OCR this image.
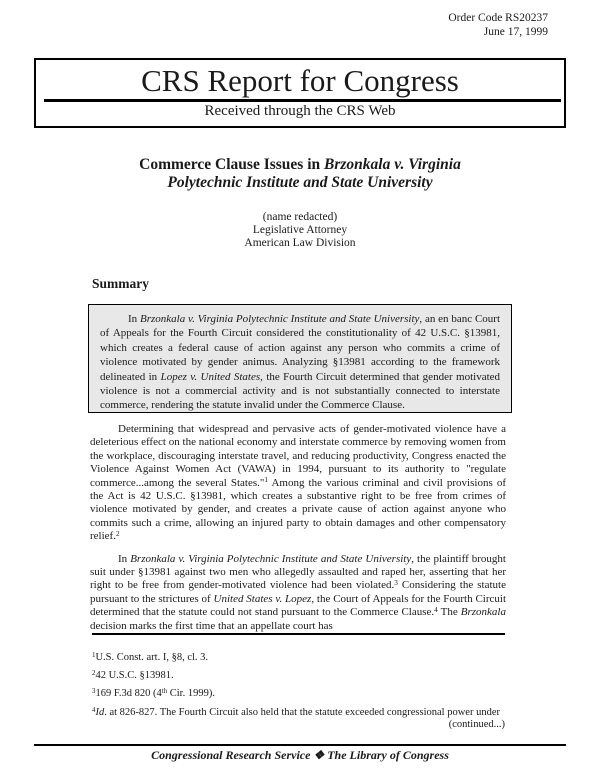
Order Code RS20237
June 17, 1999
CRS Report for Congress
Received through the CRS Web
Commerce Clause Issues in Brzonkala v. Virginia
Polytechnic Institute and State University
(name redacted)
Legislative Attorney
American Law Division
Summary

In Brzonkala v. Virginia Polytechnic Institute and State University, an en banc Court of Appeals for the Fourth Circuit considered the constitutionality of 42 U.S.C. §13981, which creates a federal cause of action against any person who commits a crime of violence motivated by gender animus. Analyzing §13981 according to the framework delineated in Lopez v. United States, the Fourth Circuit determined that gender motivated violence is not a commercial activity and is not substantially connected to interstate commerce, rendering the statute invalid under the Commerce Clause.

Determining that widespread and pervasive acts of gender-motivated violence have a deleterious effect on the national economy and interstate commerce by removing women from the workplace, discouraging interstate travel, and reducing productivity, Congress enacted the Violence Against Women Act (VAWA) in 1994, pursuant to its authority to "regulate commerce...among the several States."$^1$ Among the various criminal and civil provisions of the Act is 42 U.S.C. §13981, which creates a substantive right to be free from crimes of violence motivated by gender, and creates a private cause of action against anyone who commits such a crime, allowing an injured party to obtain damages and other compensatory relief.$^2$

In Brzonkala v. Virginia Polytechnic Institute and State University, the plaintiff brought suit under §13981 against two men who allegedly assaulted and raped her, asserting that her right to be free from gender-motivated violence had been violated.$^3$ Considering the statute pursuant to the strictures of United States v. Lopez, the Court of Appeals for the Fourth Circuit determined that the statute could not stand pursuant to the Commerce Clause.$^4$ The Brzonkala decision marks the first time that an appellate court has

$^1$U.S. Const. art. I, §8, cl. 3.
$^2$42 U.S.C. §13981.
$^3$169 F.3d 820 (4th Cir. 1999).
$^4$Id. at 826-827. The Fourth Circuit also held that the statute exceeded congressional power under
(continued...)
Congressional Research Service ❖ The Library of Congress
